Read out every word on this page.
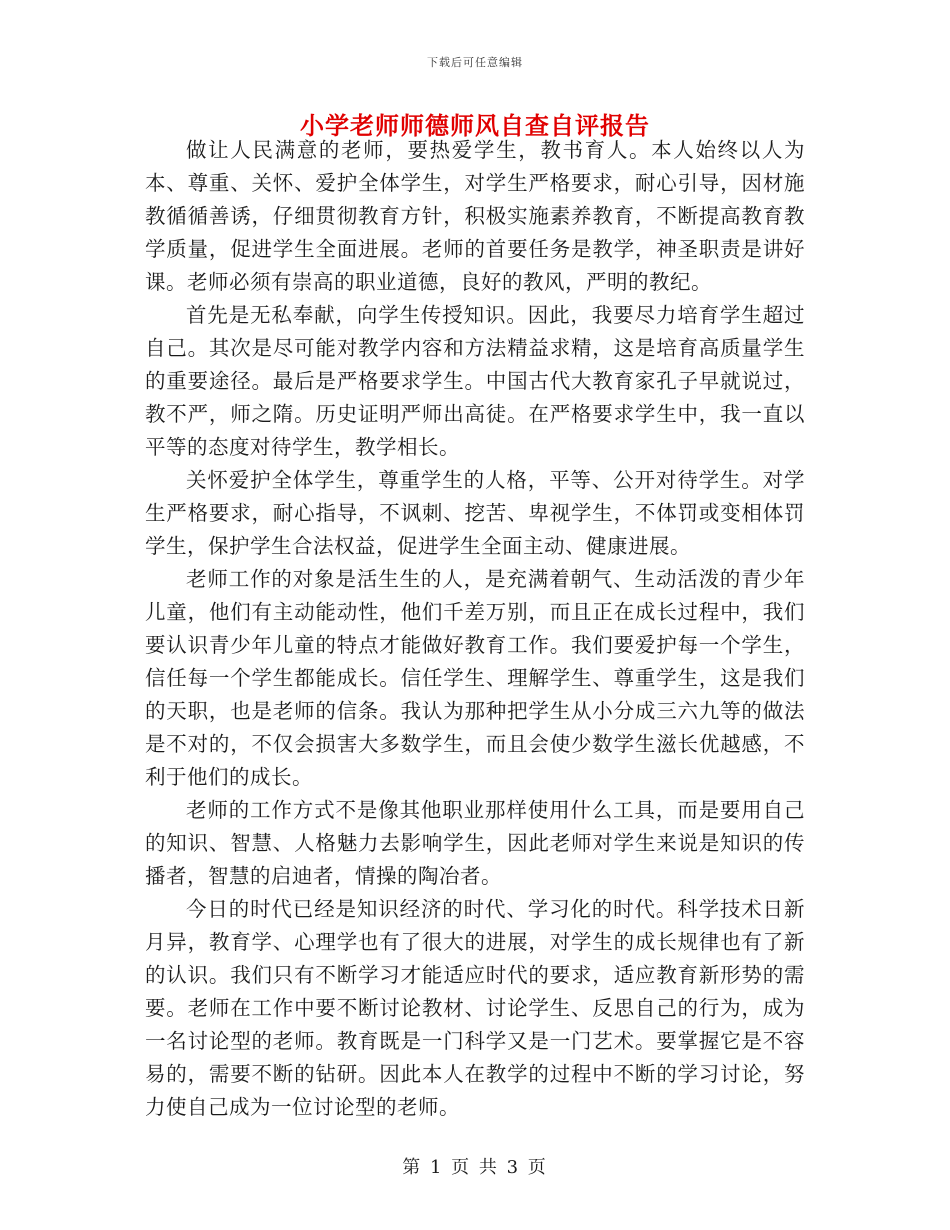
下载后可任意编辑
小学老师师德师风自查自评报告

做让人民满意的老师，要热爱学生，教书育人。本人始终以人为本、尊重、关怀、爱护全体学生，对学生严格要求，耐心引导，因材施教循循善诱，仔细贯彻教育方针，积极实施素养教育，不断提高教育教学质量，促进学生全面进展。老师的首要任务是教学，神圣职责是讲好课。老师必须有崇高的职业道德，良好的教风，严明的教纪。

首先是无私奉献，向学生传授知识。因此，我要尽力培育学生超过自己。其次是尽可能对教学内容和方法精益求精，这是培育高质量学生的重要途径。最后是严格要求学生。中国古代大教育家孔子早就说过，教不严，师之隋。历史证明严师出高徒。在严格要求学生中，我一直以平等的态度对待学生，教学相长。

关怀爱护全体学生，尊重学生的人格，平等、公开对待学生。对学生严格要求，耐心指导，不讽刺、挖苦、卑视学生，不体罚或变相体罚学生，保护学生合法权益，促进学生全面主动、健康进展。

老师工作的对象是活生生的人，是充满着朝气、生动活泼的青少年儿童，他们有主动能动性，他们千差万别，而且正在成长过程中，我们要认识青少年儿童的特点才能做好教育工作。我们要爱护每一个学生，信任每一个学生都能成长。信任学生、理解学生、尊重学生，这是我们的天职，也是老师的信条。我认为那种把学生从小分成三六九等的做法是不对的，不仅会损害大多数学生，而且会使少数学生滋长优越感，不利于他们的成长。

老师的工作方式不是像其他职业那样使用什么工具，而是要用自己的知识、智慧、人格魅力去影响学生，因此老师对学生来说是知识的传播者，智慧的启迪者，情操的陶冶者。

今日的时代已经是知识经济的时代、学习化的时代。科学技术日新月异，教育学、心理学也有了很大的进展，对学生的成长规律也有了新的认识。我们只有不断学习才能适应时代的要求，适应教育新形势的需要。老师在工作中要不断讨论教材、讨论学生、反思自己的行为，成为一名讨论型的老师。教育既是一门科学又是一门艺术。要掌握它是不容易的，需要不断的钻研。因此本人在教学的过程中不断的学习讨论，努力使自己成为一位讨论型的老师。

第 1 页 共 3 页
